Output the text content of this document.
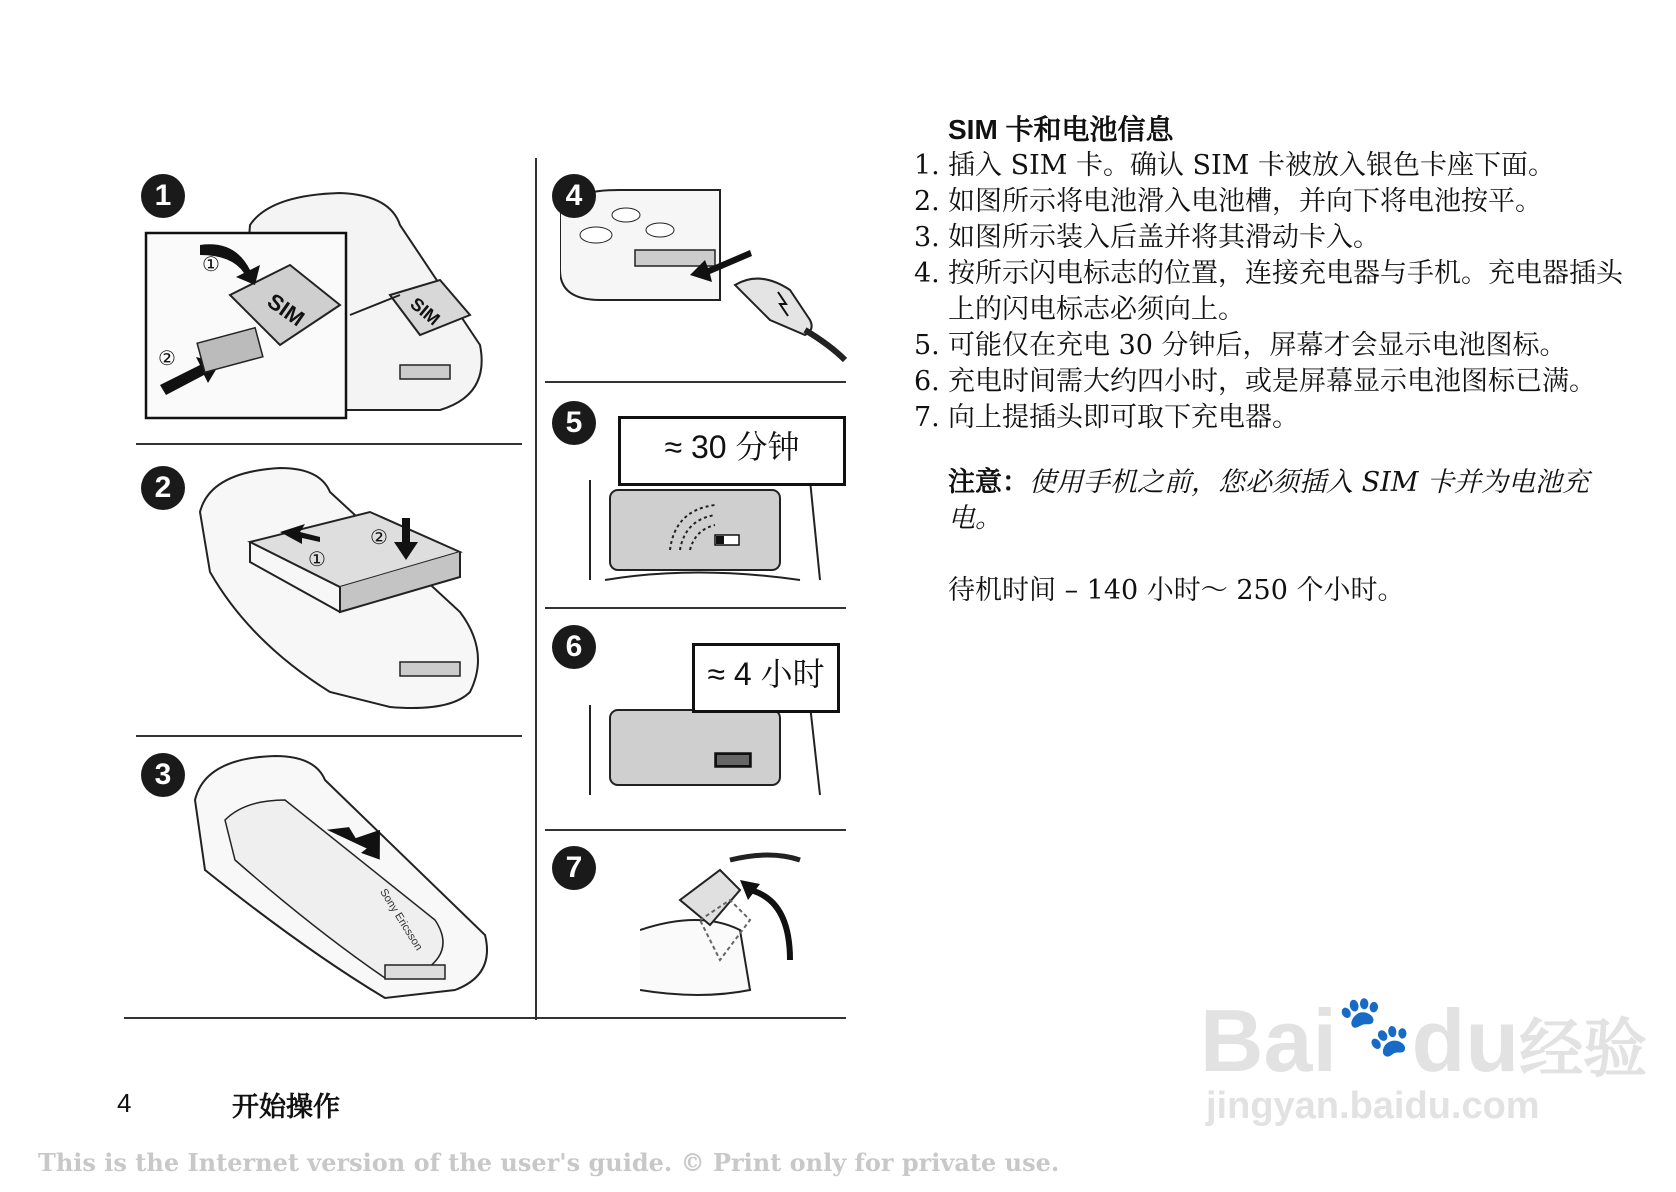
SIM	SIM
①
②
①
②
Sony Ericsson
1
2
3
4
5
6
7
≈ 30 分钟
≈ 4 小时
SIM 卡和电池信息
1. 插入 SIM 卡。确认 SIM 卡被放入银色卡座下面。
2. 如图所示将电池滑入电池槽，并向下将电池按平。
3. 如图所示装入后盖并将其滑动卡入。
4. 按所示闪电标志的位置，连接充电器与手机。充电器插头上的闪电标志必须向上。
5. 可能仅在充电 30 分钟后，屏幕才会显示电池图标。
6. 充电时间需大约四小时，或是屏幕显示电池图标已满。
7. 向上提插头即可取下充电器。
注意：使用手机之前，您必须插入 SIM 卡并为电池充电。
待机时间 – 140 小时～ 250 个小时。
4	开始操作
This is the Internet version of the user's guide. © Print only for private use.
Bai🐾du经验
jingyan.baidu.com
